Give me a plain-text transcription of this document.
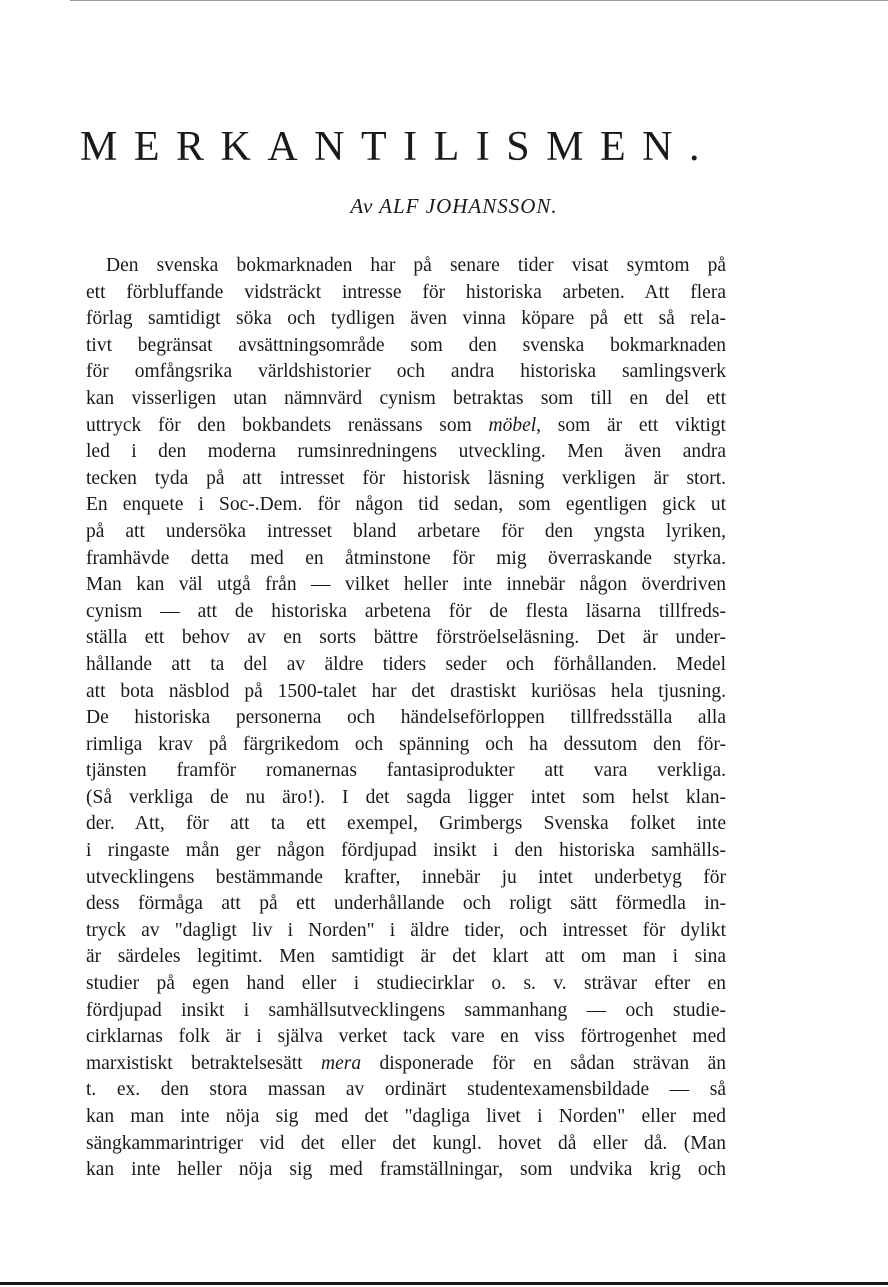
MERKANTILISMEN.

Av ALF JOHANSSON.

Den svenska bokmarknaden har på senare tider visat symtom på
ett förbluffande vidsträckt intresse för historiska arbeten. Att flera
förlag samtidigt söka och tydligen även vinna köpare på ett så rela-
tivt begränsat avsättningsområde som den svenska bokmarknaden
för omfångsrika världshistorier och andra historiska samlingsverk
kan visserligen utan nämnvärd cynism betraktas som till en del ett
uttryck för den bokbandets renässans som möbel, som är ett viktigt
led i den moderna rumsinredningens utveckling. Men även andra
tecken tyda på att intresset för historisk läsning verkligen är stort.
En enquete i Soc-.Dem. för någon tid sedan, som egentligen gick ut
på att undersöka intresset bland arbetare för den yngsta lyriken,
framhävde detta med en åtminstone för mig överraskande styrka.
Man kan väl utgå från — vilket heller inte innebär någon överdriven
cynism — att de historiska arbetena för de flesta läsarna tillfreds-
ställa ett behov av en sorts bättre förströelseläsning. Det är under-
hållande att ta del av äldre tiders seder och förhållanden. Medel
att bota näsblod på 1500-talet har det drastiskt kuriösas hela tjusning.
De historiska personerna och händelseförloppen tillfredsställa alla
rimliga krav på färgrikedom och spänning och ha dessutom den för-
tjänsten framför romanernas fantasiprodukter att vara verkliga.
(Så verkliga de nu äro!). I det sagda ligger intet som helst klan-
der. Att, för att ta ett exempel, Grimbergs Svenska folket inte
i ringaste mån ger någon fördjupad insikt i den historiska samhälls-
utvecklingens bestämmande krafter, innebär ju intet underbetyg för
dess förmåga att på ett underhållande och roligt sätt förmedla in-
tryck av "dagligt liv i Norden" i äldre tider, och intresset för dylikt
är särdeles legitimt. Men samtidigt är det klart att om man i sina
studier på egen hand eller i studiecirklar o. s. v. strävar efter en
fördjupad insikt i samhällsutvecklingens sammanhang — och studie-
cirklarnas folk är i själva verket tack vare en viss förtrogenhet med
marxistiskt betraktelsesätt mera disponerade för en sådan strävan än
t. ex. den stora massan av ordinärt studentexamensbildade — så
kan man inte nöja sig med det "dagliga livet i Norden" eller med
sängkammarintriger vid det eller det kungl. hovet då eller då. (Man
kan inte heller nöja sig med framställningar, som undvika krig och
